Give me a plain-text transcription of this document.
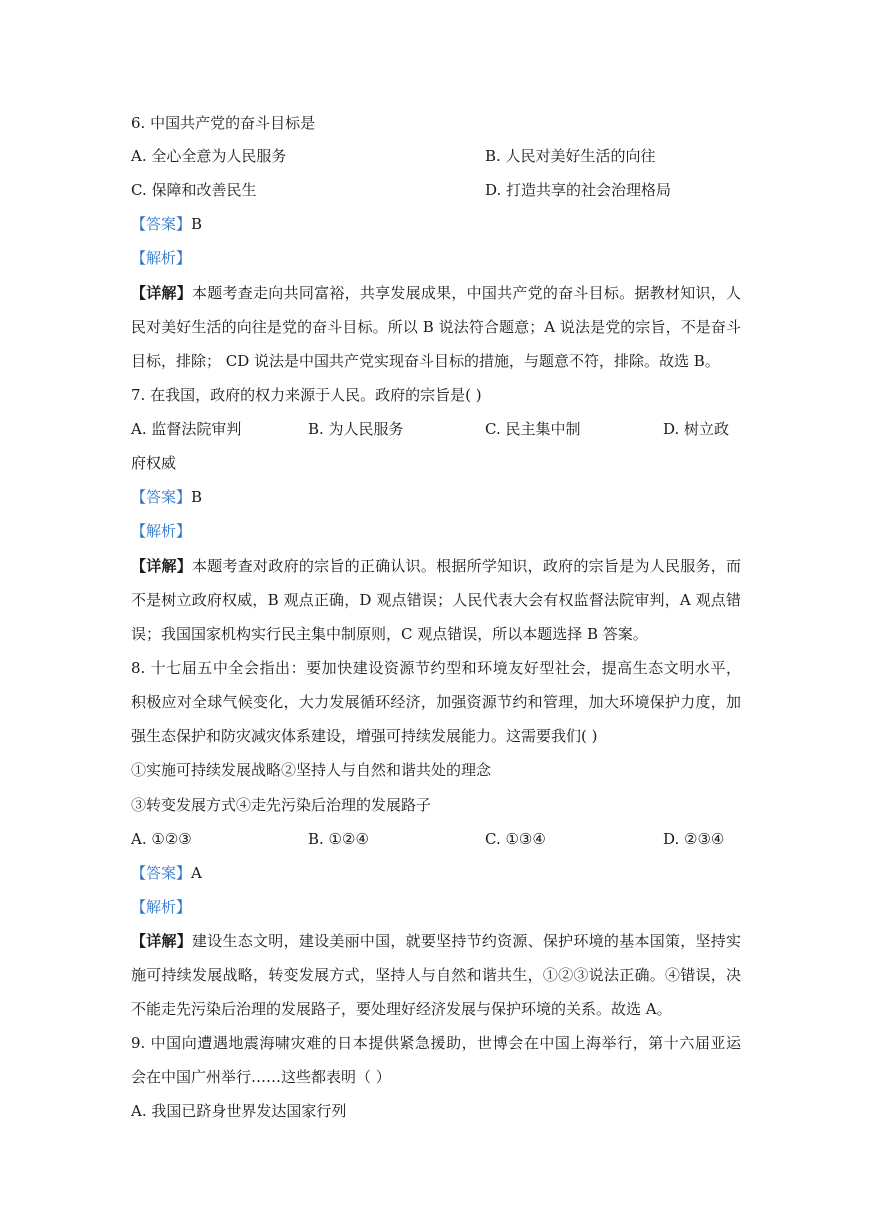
6. 中国共产党的奋斗目标是
A. 全心全意为人民服务	B. 人民对美好生活的向往
C. 保障和改善民生	D. 打造共享的社会治理格局
【答案】B
【解析】
【详解】本题考查走向共同富裕，共享发展成果，中国共产党的奋斗目标。据教材知识，人
民对美好生活的向往是党的奋斗目标。所以 B 说法符合题意；A 说法是党的宗旨，不是奋斗
目标，排除； CD 说法是中国共产党实现奋斗目标的措施，与题意不符，排除。故选 B。
7. 在我国，政府的权力来源于人民。政府的宗旨是( )
A. 监督法院审判	B. 为人民服务	C. 民主集中制	D. 树立政
府权威
【答案】B
【解析】
【详解】本题考查对政府的宗旨的正确认识。根据所学知识，政府的宗旨是为人民服务，而
不是树立政府权威，B 观点正确，D 观点错误；人民代表大会有权监督法院审判，A 观点错
误；我国国家机构实行民主集中制原则，C 观点错误，所以本题选择 B 答案。
8. 十七届五中全会指出：要加快建设资源节约型和环境友好型社会，提高生态文明水平，
积极应对全球气候变化，大力发展循环经济，加强资源节约和管理，加大环境保护力度，加
强生态保护和防灾减灾体系建设，增强可持续发展能力。这需要我们( )
①实施可持续发展战略②坚持人与自然和谐共处的理念
③转变发展方式④走先污染后治理的发展路子
A. ①②③	B. ①②④	C. ①③④	D. ②③④
【答案】A
【解析】
【详解】建设生态文明，建设美丽中国，就要坚持节约资源、保护环境的基本国策，坚持实
施可持续发展战略，转变发展方式，坚持人与自然和谐共生，①②③说法正确。④错误，决
不能走先污染后治理的发展路子，要处理好经济发展与保护环境的关系。故选 A。
9. 中国向遭遇地震海啸灾难的日本提供紧急援助，世博会在中国上海举行，第十六届亚运
会在中国广州举行……这些都表明（ ）
A. 我国已跻身世界发达国家行列
